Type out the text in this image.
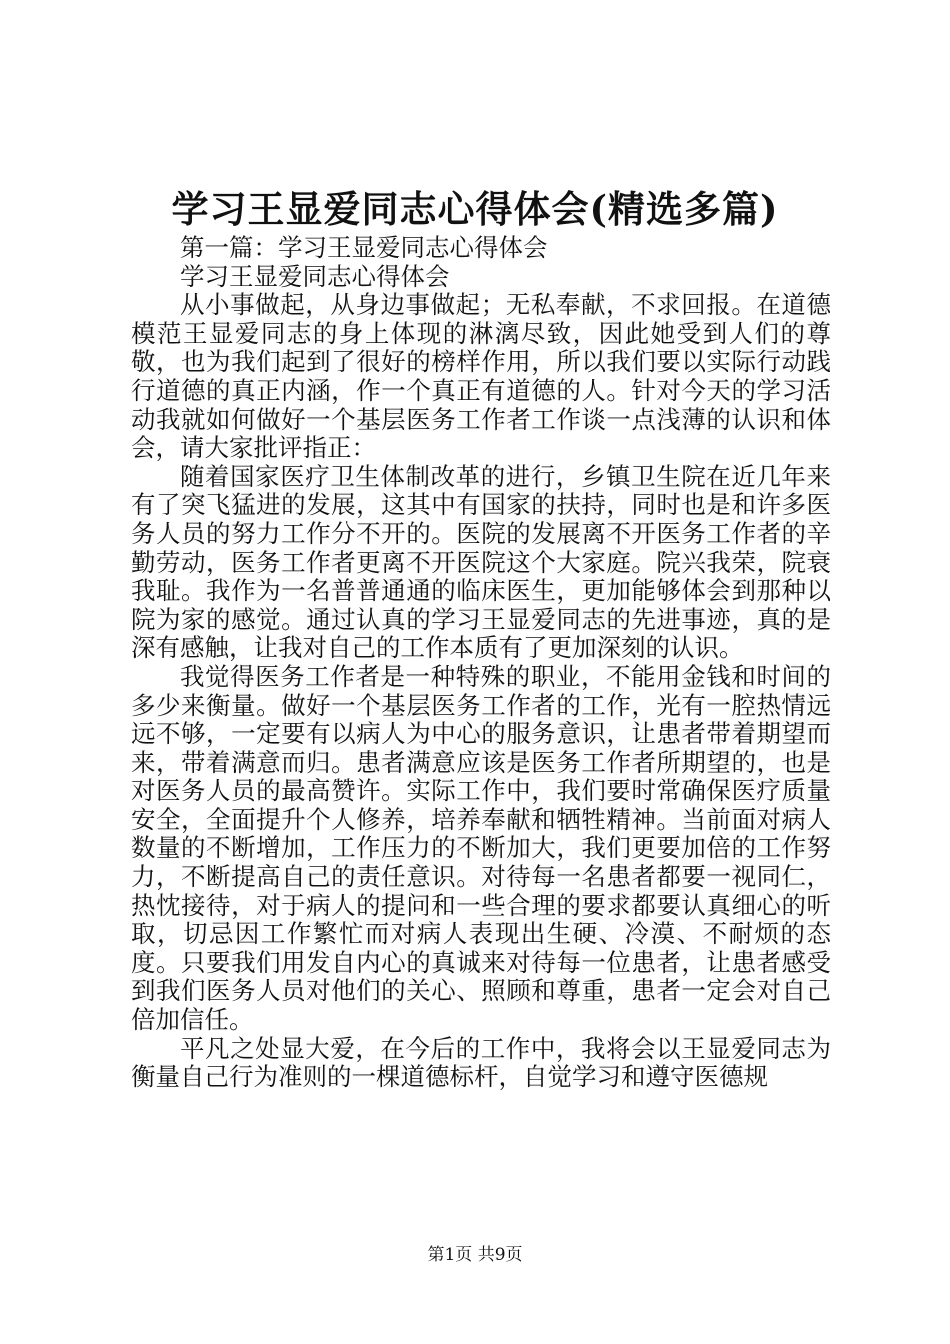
学习王显爱同志心得体会(精选多篇)

第一篇：学习王显爱同志心得体会

学习王显爱同志心得体会

从小事做起，从身边事做起；无私奉献，不求回报。在道德模范王显爱同志的身上体现的淋漓尽致，因此她受到人们的尊敬，也为我们起到了很好的榜样作用，所以我们要以实际行动践行道德的真正内涵，作一个真正有道德的人。针对今天的学习活动我就如何做好一个基层医务工作者工作谈一点浅薄的认识和体会，请大家批评指正：

随着国家医疗卫生体制改革的进行，乡镇卫生院在近几年来有了突飞猛进的发展，这其中有国家的扶持，同时也是和许多医务人员的努力工作分不开的。医院的发展离不开医务工作者的辛勤劳动，医务工作者更离不开医院这个大家庭。院兴我荣，院衰我耻。我作为一名普普通通的临床医生，更加能够体会到那种以院为家的感觉。通过认真的学习王显爱同志的先进事迹，真的是深有感触，让我对自己的工作本质有了更加深刻的认识。

我觉得医务工作者是一种特殊的职业，不能用金钱和时间的多少来衡量。做好一个基层医务工作者的工作，光有一腔热情远远不够，一定要有以病人为中心的服务意识，让患者带着期望而来，带着满意而归。患者满意应该是医务工作者所期望的，也是对医务人员的最高赞许。实际工作中，我们要时常确保医疗质量安全，全面提升个人修养，培养奉献和牺牲精神。当前面对病人数量的不断增加，工作压力的不断加大，我们更要加倍的工作努力，不断提高自己的责任意识。对待每一名患者都要一视同仁，热忱接待，对于病人的提问和一些合理的要求都要认真细心的听取，切忌因工作繁忙而对病人表现出生硬、冷漠、不耐烦的态度。只要我们用发自内心的真诚来对待每一位患者，让患者感受到我们医务人员对他们的关心、照顾和尊重，患者一定会对自己倍加信任。

平凡之处显大爱，在今后的工作中，我将会以王显爱同志为衡量自己行为准则的一棵道德标杆，自觉学习和遵守医德规

第1页 共9页
